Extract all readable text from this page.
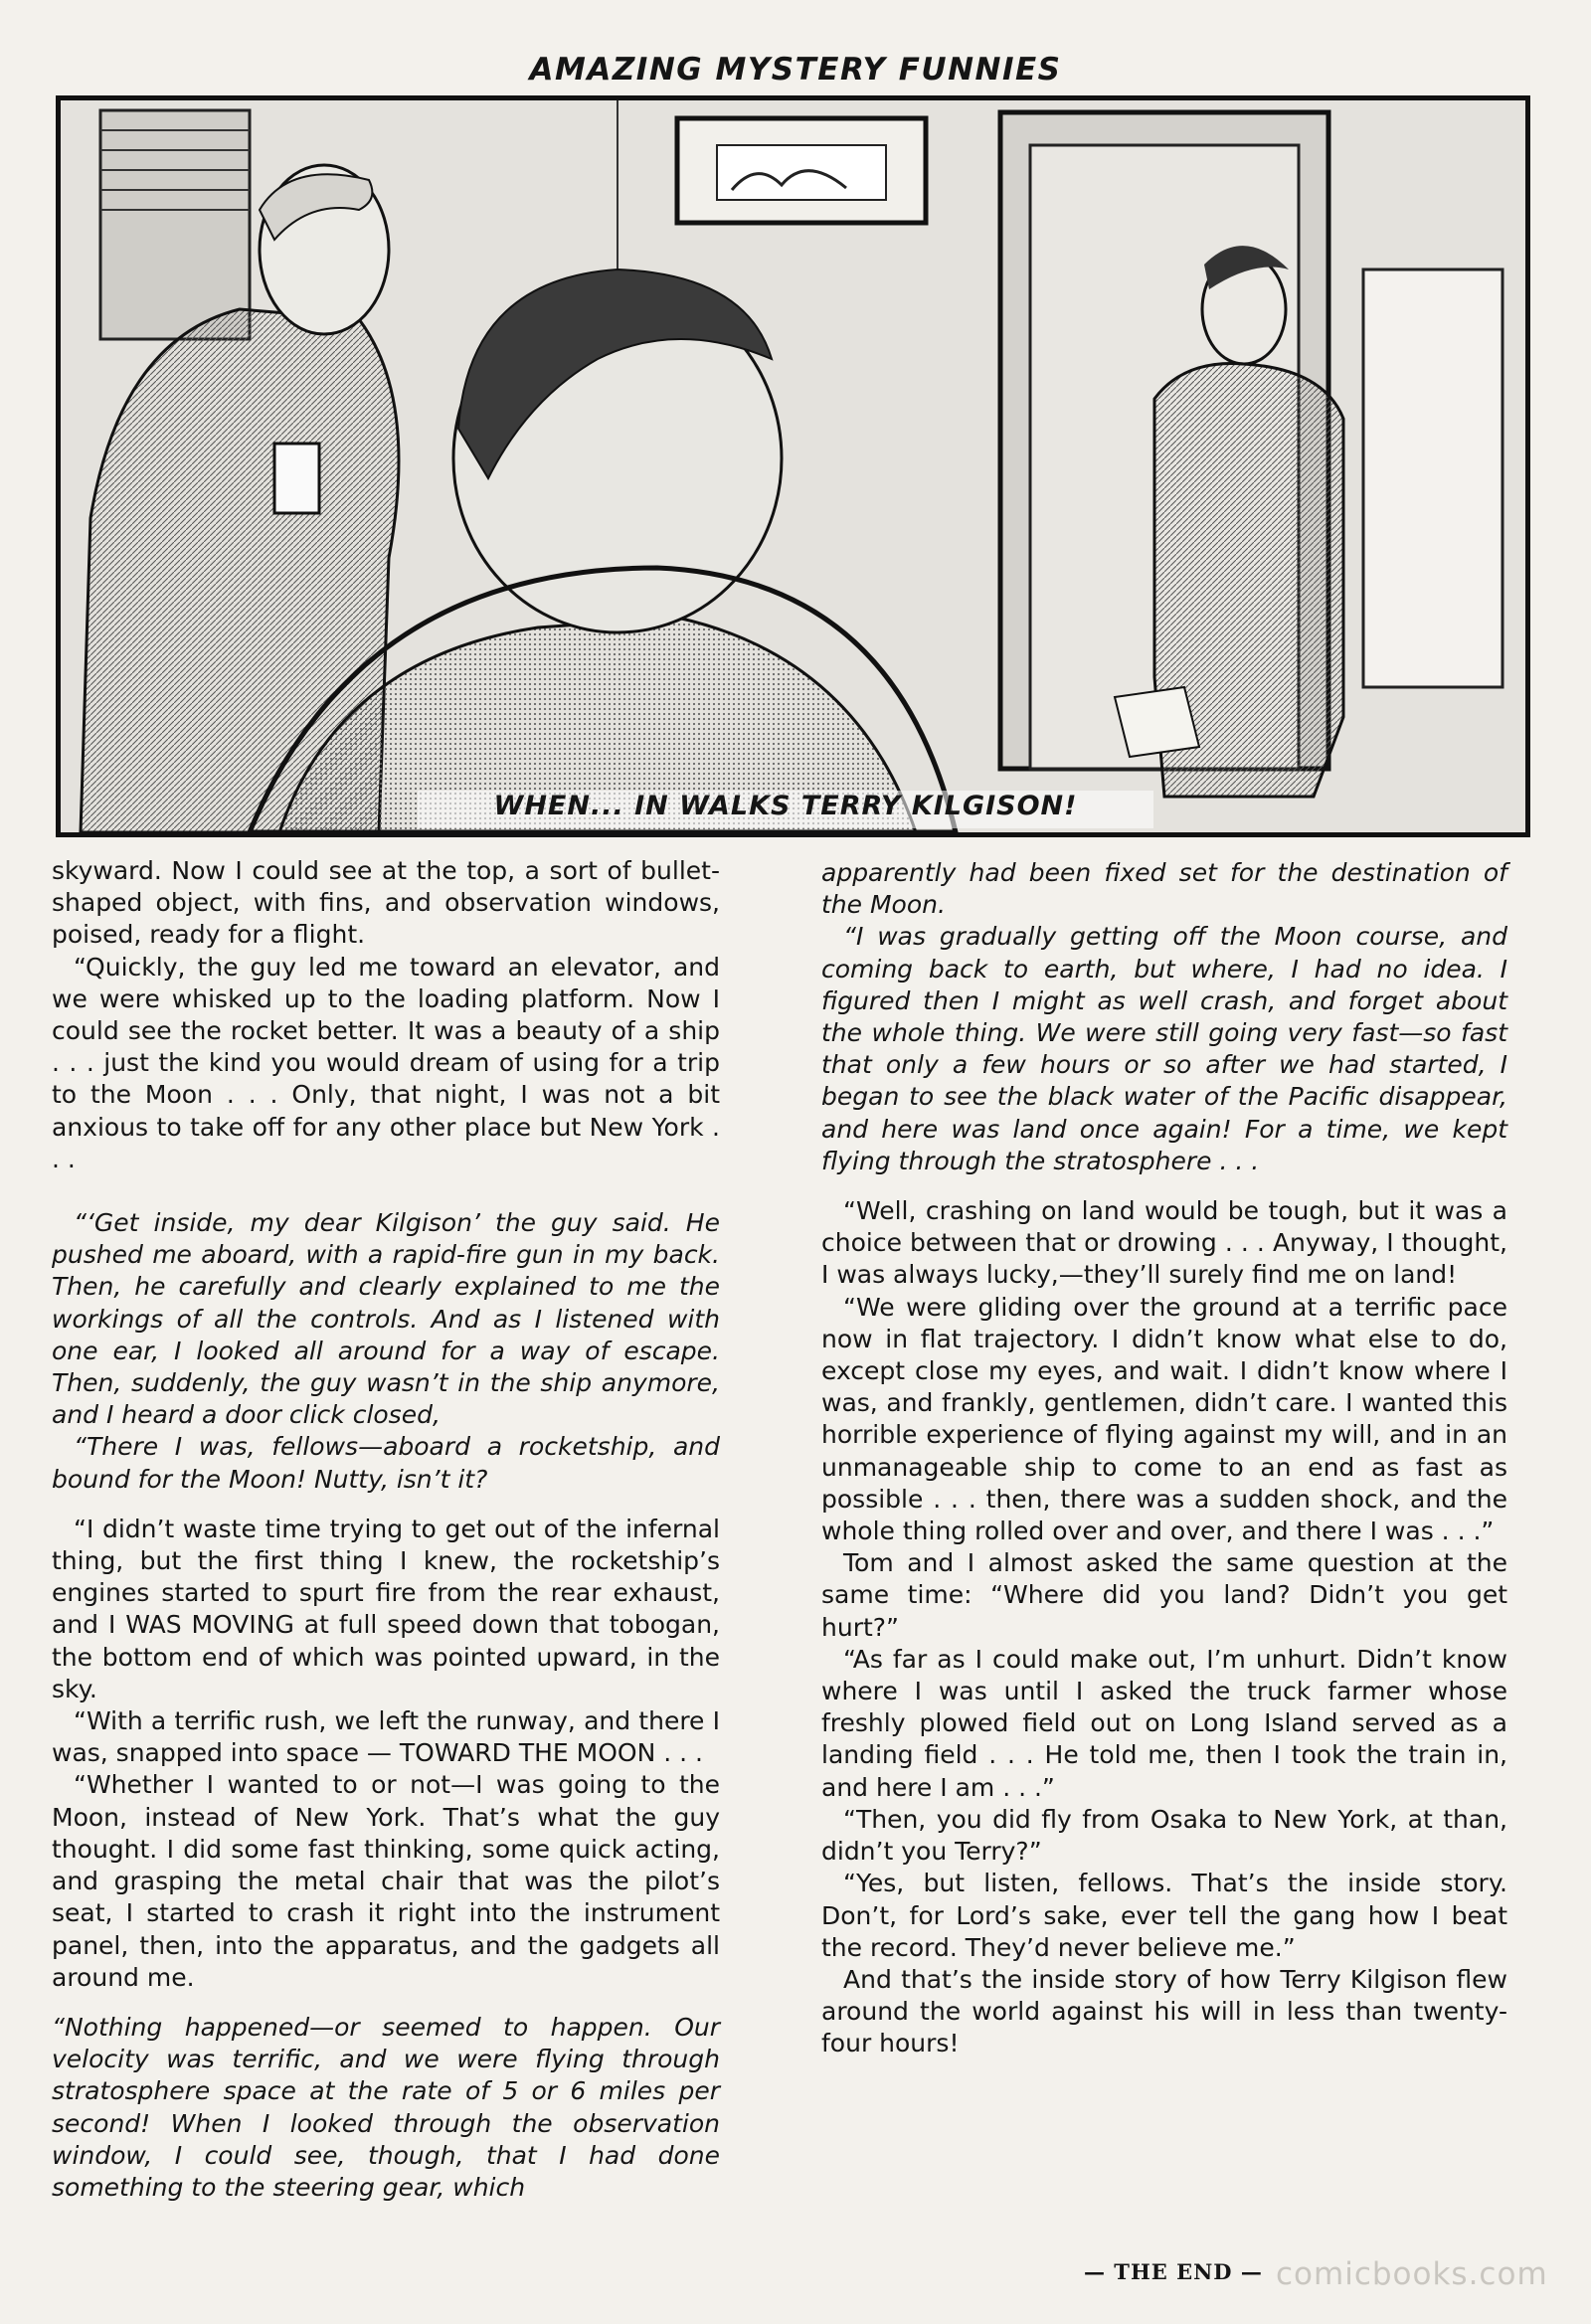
AMAZING MYSTERY FUNNIES
WHEN... IN WALKS TERRY KILGISON!

skyward. Now I could see at the top, a sort of bullet-shaped object, with fins, and observation windows, poised, ready for a flight.

“Quickly, the guy led me toward an elevator, and we were whisked up to the loading platform. Now I could see the rocket better. It was a beauty of a ship . . . just the kind you would dream of using for a trip to the Moon . . . Only, that night, I was not a bit anxious to take off for any other place but New York . . .

“‘Get inside, my dear Kilgison’ the guy said. He pushed me aboard, with a rapid-fire gun in my back. Then, he carefully and clearly explained to me the workings of all the controls. And as I listened with one ear, I looked all around for a way of escape. Then, suddenly, the guy wasn’t in the ship anymore, and I heard a door click closed,

“There I was, fellows—aboard a rocketship, and bound for the Moon! Nutty, isn’t it?

“I didn’t waste time trying to get out of the infernal thing, but the first thing I knew, the rocketship’s engines started to spurt fire from the rear exhaust, and I WAS MOVING at full speed down that tobogan, the bottom end of which was pointed upward, in the sky.

“With a terrific rush, we left the runway, and there I was, snapped into space — TOWARD THE MOON . . .

“Whether I wanted to or not—I was going to the Moon, instead of New York. That’s what the guy thought. I did some fast thinking, some quick acting, and grasping the metal chair that was the pilot’s seat, I started to crash it right into the instrument panel, then, into the apparatus, and the gadgets all around me.

“Nothing happened—or seemed to happen. Our velocity was terrific, and we were flying through stratosphere space at the rate of 5 or 6 miles per second! When I looked through the observation window, I could see, though, that I had done something to the steering gear, which

apparently had been fixed set for the destination of the Moon.

“I was gradually getting off the Moon course, and coming back to earth, but where, I had no idea. I figured then I might as well crash, and forget about the whole thing. We were still going very fast—so fast that only a few hours or so after we had started, I began to see the black water of the Pacific disappear, and here was land once again! For a time, we kept flying through the stratosphere . . .

“Well, crashing on land would be tough, but it was a choice between that or drowing . . . Anyway, I thought, I was always lucky,—they’ll surely find me on land!

“We were gliding over the ground at a terrific pace now in flat trajectory. I didn’t know what else to do, except close my eyes, and wait. I didn’t know where I was, and frankly, gentlemen, didn’t care. I wanted this horrible experience of flying against my will, and in an unmanageable ship to come to an end as fast as possible . . . then, there was a sudden shock, and the whole thing rolled over and over, and there I was . . .”

Tom and I almost asked the same question at the same time: “Where did you land? Didn’t you get hurt?”

“As far as I could make out, I’m unhurt. Didn’t know where I was until I asked the truck farmer whose freshly plowed field out on Long Island served as a landing field . . . He told me, then I took the train in, and here I am . . .”

“Then, you did fly from Osaka to New York, at than, didn’t you Terry?”

“Yes, but listen, fellows. That’s the inside story. Don’t, for Lord’s sake, ever tell the gang how I beat the record. They’d never believe me.”

And that’s the inside story of how Terry Kilgison flew around the world against his will in less than twenty-four hours!

— THE END — comicbooks.com
